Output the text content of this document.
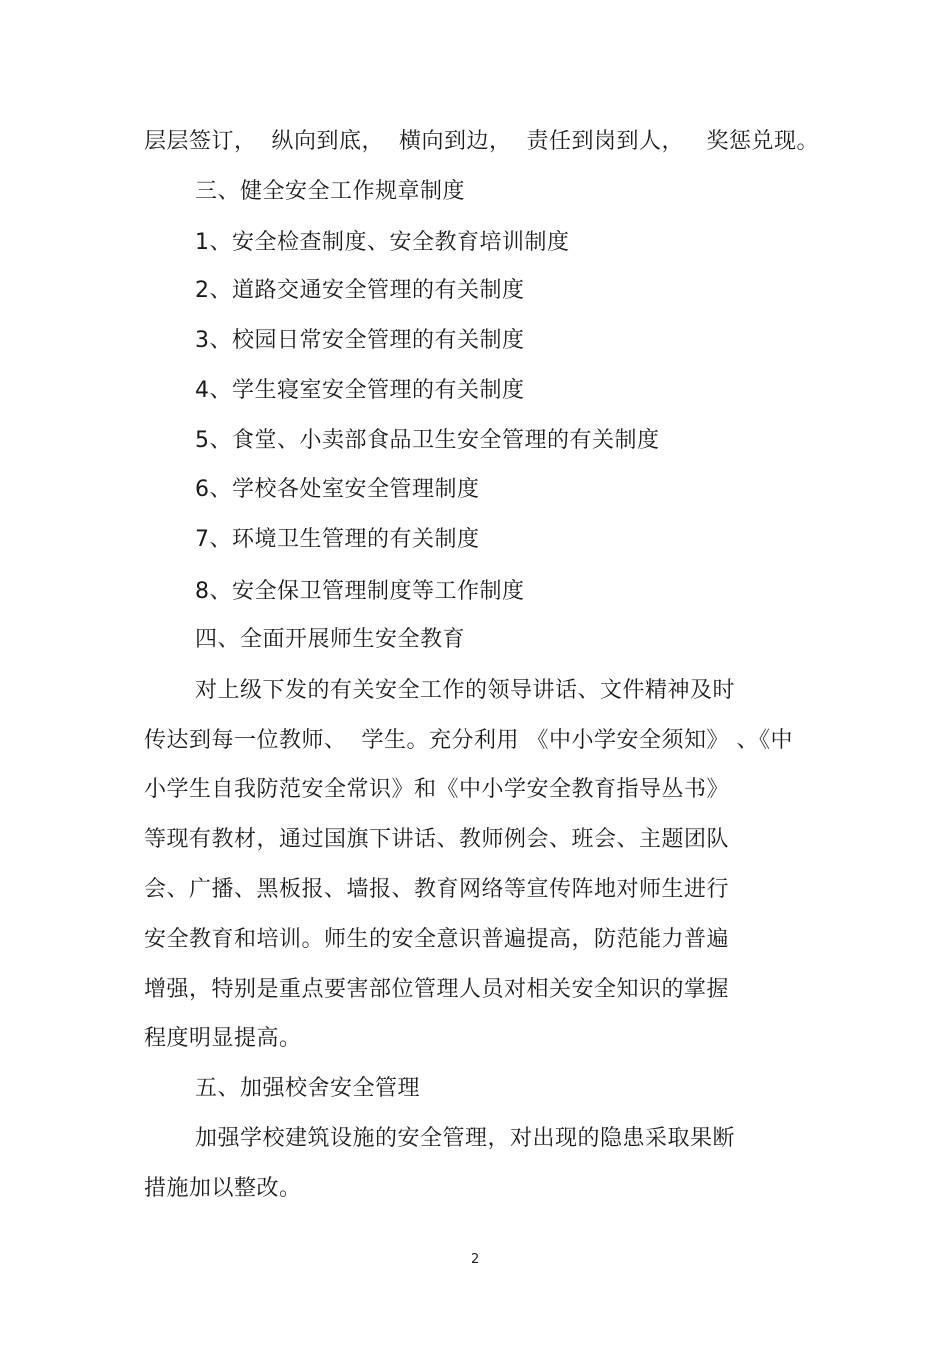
层层签订，  纵向到底，  横向到边，  责任到岗到人，   奖惩兑现。
三、健全安全工作规章制度
1、安全检查制度、安全教育培训制度
2、道路交通安全管理的有关制度
3、校园日常安全管理的有关制度
4、学生寝室安全管理的有关制度
5、食堂、小卖部食品卫生安全管理的有关制度
6、学校各处室安全管理制度
7、环境卫生管理的有关制度
8、安全保卫管理制度等工作制度
四、全面开展师生安全教育
对上级下发的有关安全工作的领导讲话、文件精神及时
传达到每一位教师、  学生。充分利用 《中小学安全须知》 、《中
小学生自我防范安全常识》和《中小学安全教育指导丛书》
等现有教材，通过国旗下讲话、教师例会、班会、主题团队
会、广播、黑板报、墙报、教育网络等宣传阵地对师生进行
安全教育和培训。师生的安全意识普遍提高，防范能力普遍
增强，特别是重点要害部位管理人员对相关安全知识的掌握
程度明显提高。
五、加强校舍安全管理
加强学校建筑设施的安全管理，对出现的隐患采取果断
措施加以整改。
2
